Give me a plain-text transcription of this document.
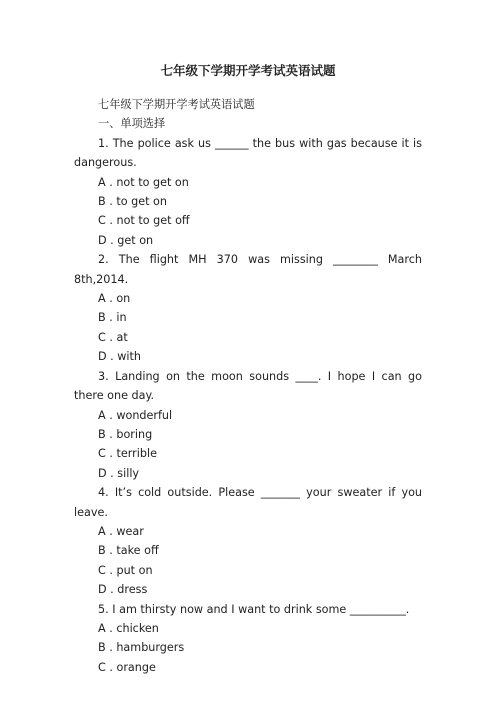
七年级下学期开学考试英语试题
七年级下学期开学考试英语试题
一、单项选择
1. The police ask us ______ the bus with gas because it is dangerous.
A . not to get on
B . to get on
C . not to get off
D . get on
2. The flight MH 370 was missing ________ March 8th,2014.
A . on
B . in
C . at
D . with
3. Landing on the moon sounds ____. I hope I can go there one day.
A . wonderful
B . boring
C . terrible
D . silly
4. It’s cold outside. Please _______ your sweater if you leave.
A . wear
B . take off
C . put on
D . dress
5. I am thirsty now and I want to drink some __________.
A . chicken
B . hamburgers
C . orange
